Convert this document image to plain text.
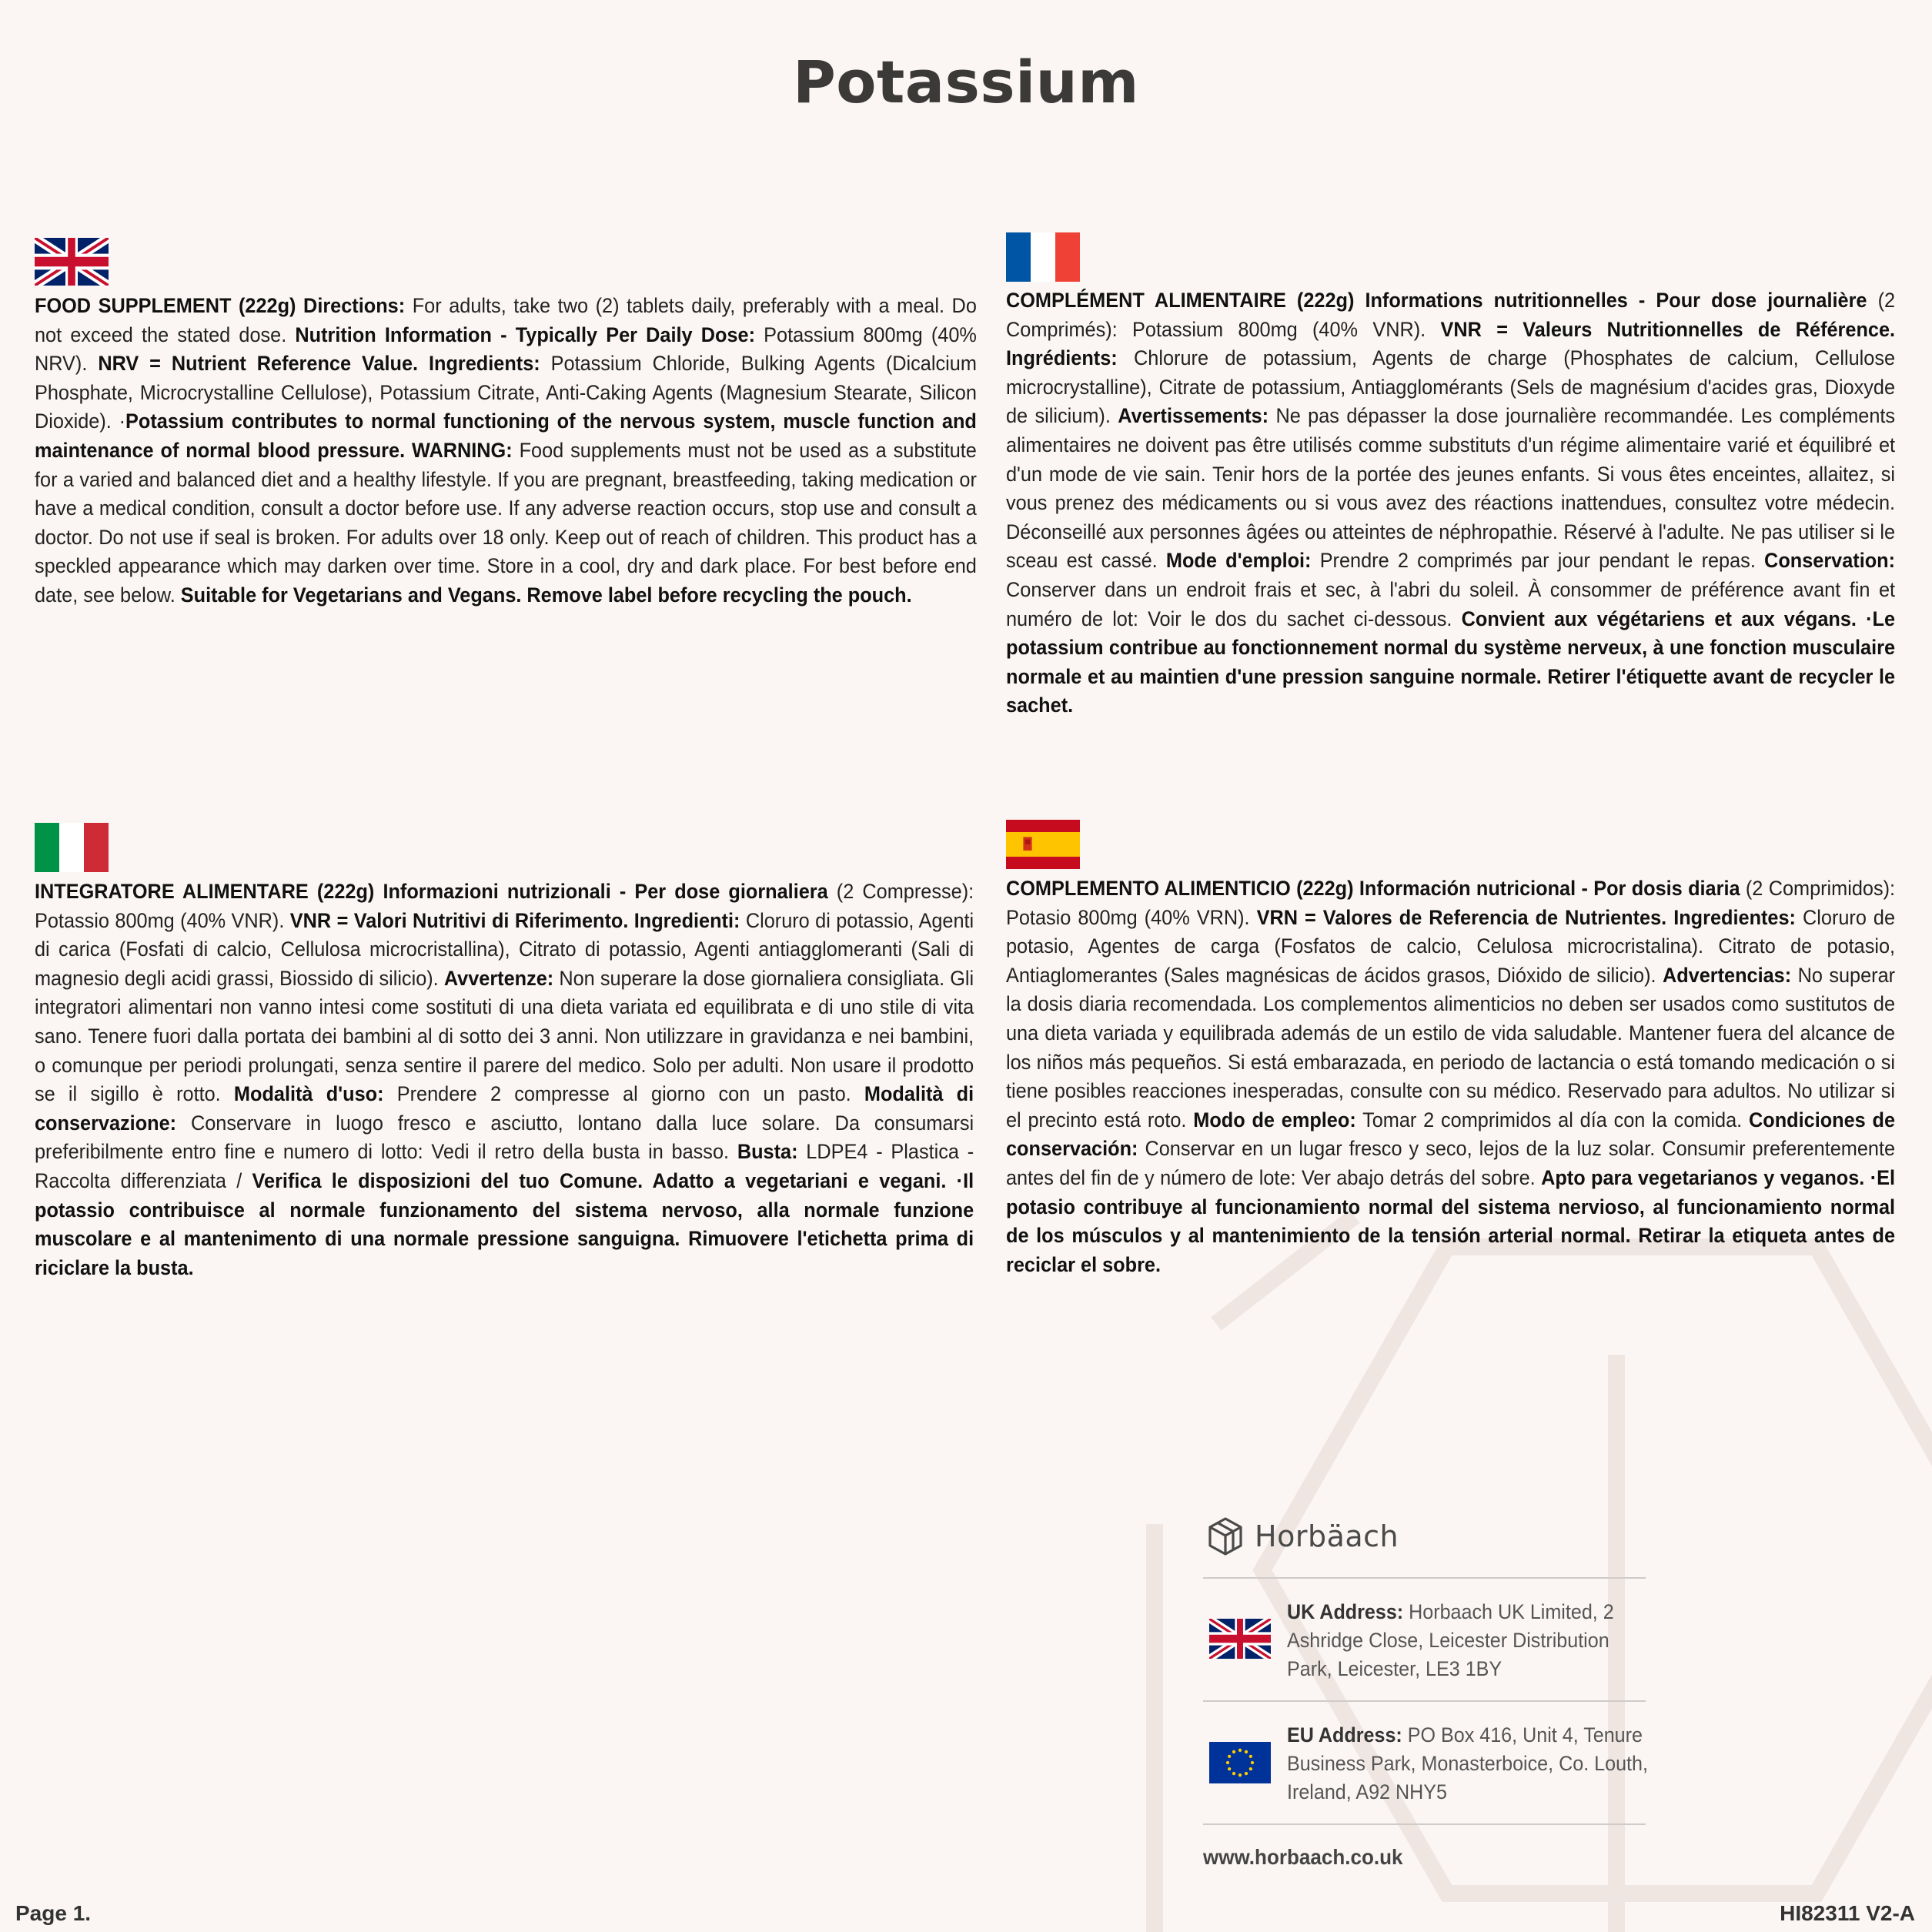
Potassium

FOOD SUPPLEMENT (222g) Directions: For adults, take two (2) tablets daily, preferably with a meal. Do not exceed the stated dose. Nutrition Information - Typically Per Daily Dose: Potassium 800mg (40% NRV). NRV = Nutrient Reference Value. Ingredients: Potassium Chloride, Bulking Agents (Dicalcium Phosphate, Microcrystalline Cellulose), Potassium Citrate, Anti-Caking Agents (Magnesium Stearate, Silicon Dioxide). ·Potassium contributes to normal functioning of the nervous system, muscle function and maintenance of normal blood pressure. WARNING: Food supplements must not be used as a substitute for a varied and balanced diet and a healthy lifestyle. If you are pregnant, breastfeeding, taking medication or have a medical condition, consult a doctor before use. If any adverse reaction occurs, stop use and consult a doctor. Do not use if seal is broken. For adults over 18 only. Keep out of reach of children. This product has a speckled appearance which may darken over time. Store in a cool, dry and dark place. For best before end date, see below. Suitable for Vegetarians and Vegans. Remove label before recycling the pouch.

COMPLÉMENT ALIMENTAIRE (222g) Informations nutritionnelles - Pour dose journalière (2 Comprimés): Potassium 800mg (40% VNR). VNR = Valeurs Nutritionnelles de Référence. Ingrédients: Chlorure de potassium, Agents de charge (Phosphates de calcium, Cellulose microcrystalline), Citrate de potassium, Antiagglomérants (Sels de magnésium d'acides gras, Dioxyde de silicium). Avertissements: Ne pas dépasser la dose journalière recommandée. Les compléments alimentaires ne doivent pas être utilisés comme substituts d'un régime alimentaire varié et équilibré et d'un mode de vie sain. Tenir hors de la portée des jeunes enfants. Si vous êtes enceintes, allaitez, si vous prenez des médicaments ou si vous avez des réactions inattendues, consultez votre médecin. Déconseillé aux personnes âgées ou atteintes de néphropathie. Réservé à l'adulte. Ne pas utiliser si le sceau est cassé. Mode d'emploi: Prendre 2 comprimés par jour pendant le repas. Conservation: Conserver dans un endroit frais et sec, à l'abri du soleil. À consommer de préférence avant fin et numéro de lot: Voir le dos du sachet ci-dessous. Convient aux végétariens et aux végans. ·Le potassium contribue au fonctionnement normal du système nerveux, à une fonction musculaire normale et au maintien d'une pression sanguine normale. Retirer l'étiquette avant de recycler le sachet.

INTEGRATORE ALIMENTARE (222g) Informazioni nutrizionali - Per dose giornaliera (2 Compresse): Potassio 800mg (40% VNR). VNR = Valori Nutritivi di Riferimento. Ingredienti: Cloruro di potassio, Agenti di carica (Fosfati di calcio, Cellulosa microcristallina), Citrato di potassio, Agenti antiagglomeranti (Sali di magnesio degli acidi grassi, Biossido di silicio). Avvertenze: Non superare la dose giornaliera consigliata. Gli integratori alimentari non vanno intesi come sostituti di una dieta variata ed equilibrata e di uno stile di vita sano. Tenere fuori dalla portata dei bambini al di sotto dei 3 anni. Non utilizzare in gravidanza e nei bambini, o comunque per periodi prolungati, senza sentire il parere del medico. Solo per adulti. Non usare il prodotto se il sigillo è rotto. Modalità d'uso: Prendere 2 compresse al giorno con un pasto. Modalità di conservazione: Conservare in luogo fresco e asciutto, lontano dalla luce solare. Da consumarsi preferibilmente entro fine e numero di lotto: Vedi il retro della busta in basso. Busta: LDPE4 - Plastica - Raccolta differenziata / Verifica le disposizioni del tuo Comune. Adatto a vegetariani e vegani. ·Il potassio contribuisce al normale funzionamento del sistema nervoso, alla normale funzione muscolare e al mantenimento di una normale pressione sanguigna. Rimuovere l'etichetta prima di riciclare la busta.

COMPLEMENTO ALIMENTICIO (222g) Información nutricional - Por dosis diaria (2 Comprimidos): Potasio 800mg (40% VRN). VRN = Valores de Referencia de Nutrientes. Ingredientes: Cloruro de potasio, Agentes de carga (Fosfatos de calcio, Celulosa microcristalina). Citrato de potasio, Antiaglomerantes (Sales magnésicas de ácidos grasos, Dióxido de silicio). Advertencias: No superar la dosis diaria recomendada. Los complementos alimenticios no deben ser usados como sustitutos de una dieta variada y equilibrada además de un estilo de vida saludable. Mantener fuera del alcance de los niños más pequeños. Si está embarazada, en periodo de lactancia o está tomando medicación o si tiene posibles reacciones inesperadas, consulte con su médico. Reservado para adultos. No utilizar si el precinto está roto. Modo de empleo: Tomar 2 comprimidos al día con la comida. Condiciones de conservación: Conservar en un lugar fresco y seco, lejos de la luz solar. Consumir preferentemente antes del fin de y número de lote: Ver abajo detrás del sobre. Apto para vegetarianos y veganos. ·El potasio contribuye al funcionamiento normal del sistema nervioso, al funcionamiento normal de los músculos y al mantenimiento de la tensión arterial normal. Retirar la etiqueta antes de reciclar el sobre.

Horbäach

UK Address: Horbaach UK Limited, 2 Ashridge Close, Leicester Distribution Park, Leicester, LE3 1BY

EU Address: PO Box 416, Unit 4, Tenure Business Park, Monasterboice, Co. Louth, Ireland, A92 NHY5

www.horbaach.co.uk

Page 1.	HI82311 V2-A
